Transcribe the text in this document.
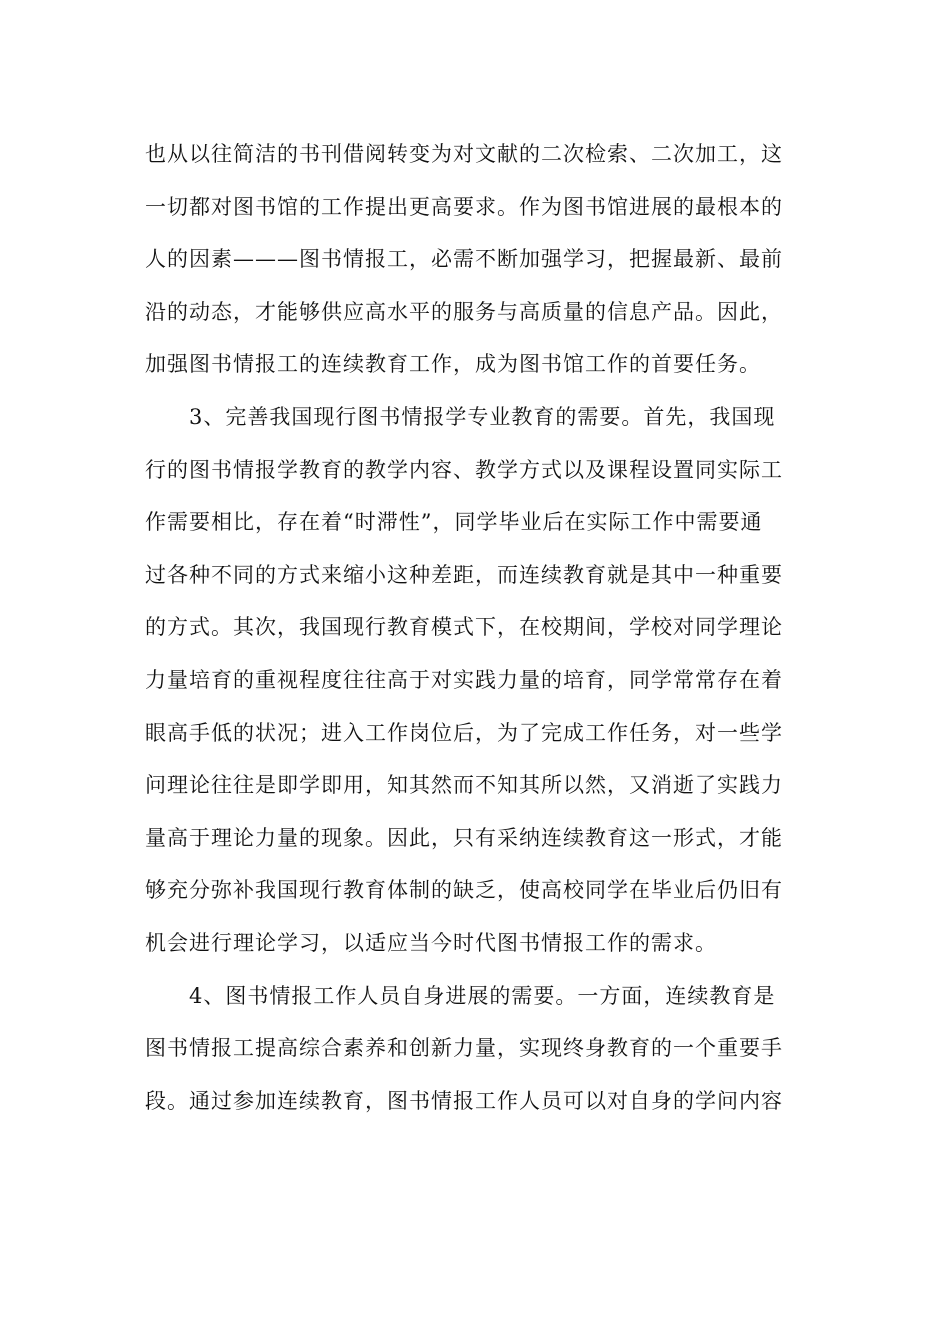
也从以往简洁的书刊借阅转变为对文献的二次检索、二次加工，这
一切都对图书馆的工作提出更高要求。作为图书馆进展的最根本的
人的因素———图书情报工，必需不断加强学习，把握最新、最前
沿的动态，才能够供应高水平的服务与高质量的信息产品。因此，
加强图书情报工的连续教育工作，成为图书馆工作的首要任务。
　　3、完善我国现行图书情报学专业教育的需要。首先，我国现
行的图书情报学教育的教学内容、教学方式以及课程设置同实际工
作需要相比，存在着“时滞性”，同学毕业后在实际工作中需要通
过各种不同的方式来缩小这种差距，而连续教育就是其中一种重要
的方式。其次，我国现行教育模式下，在校期间，学校对同学理论
力量培育的重视程度往往高于对实践力量的培育，同学常常存在着
眼高手低的状况；进入工作岗位后，为了完成工作任务，对一些学
问理论往往是即学即用，知其然而不知其所以然，又消逝了实践力
量高于理论力量的现象。因此，只有采纳连续教育这一形式，才能
够充分弥补我国现行教育体制的缺乏，使高校同学在毕业后仍旧有
机会进行理论学习，以适应当今时代图书情报工作的需求。
　　4、图书情报工作人员自身进展的需要。一方面，连续教育是
图书情报工提高综合素养和创新力量，实现终身教育的一个重要手
段。通过参加连续教育，图书情报工作人员可以对自身的学问内容
